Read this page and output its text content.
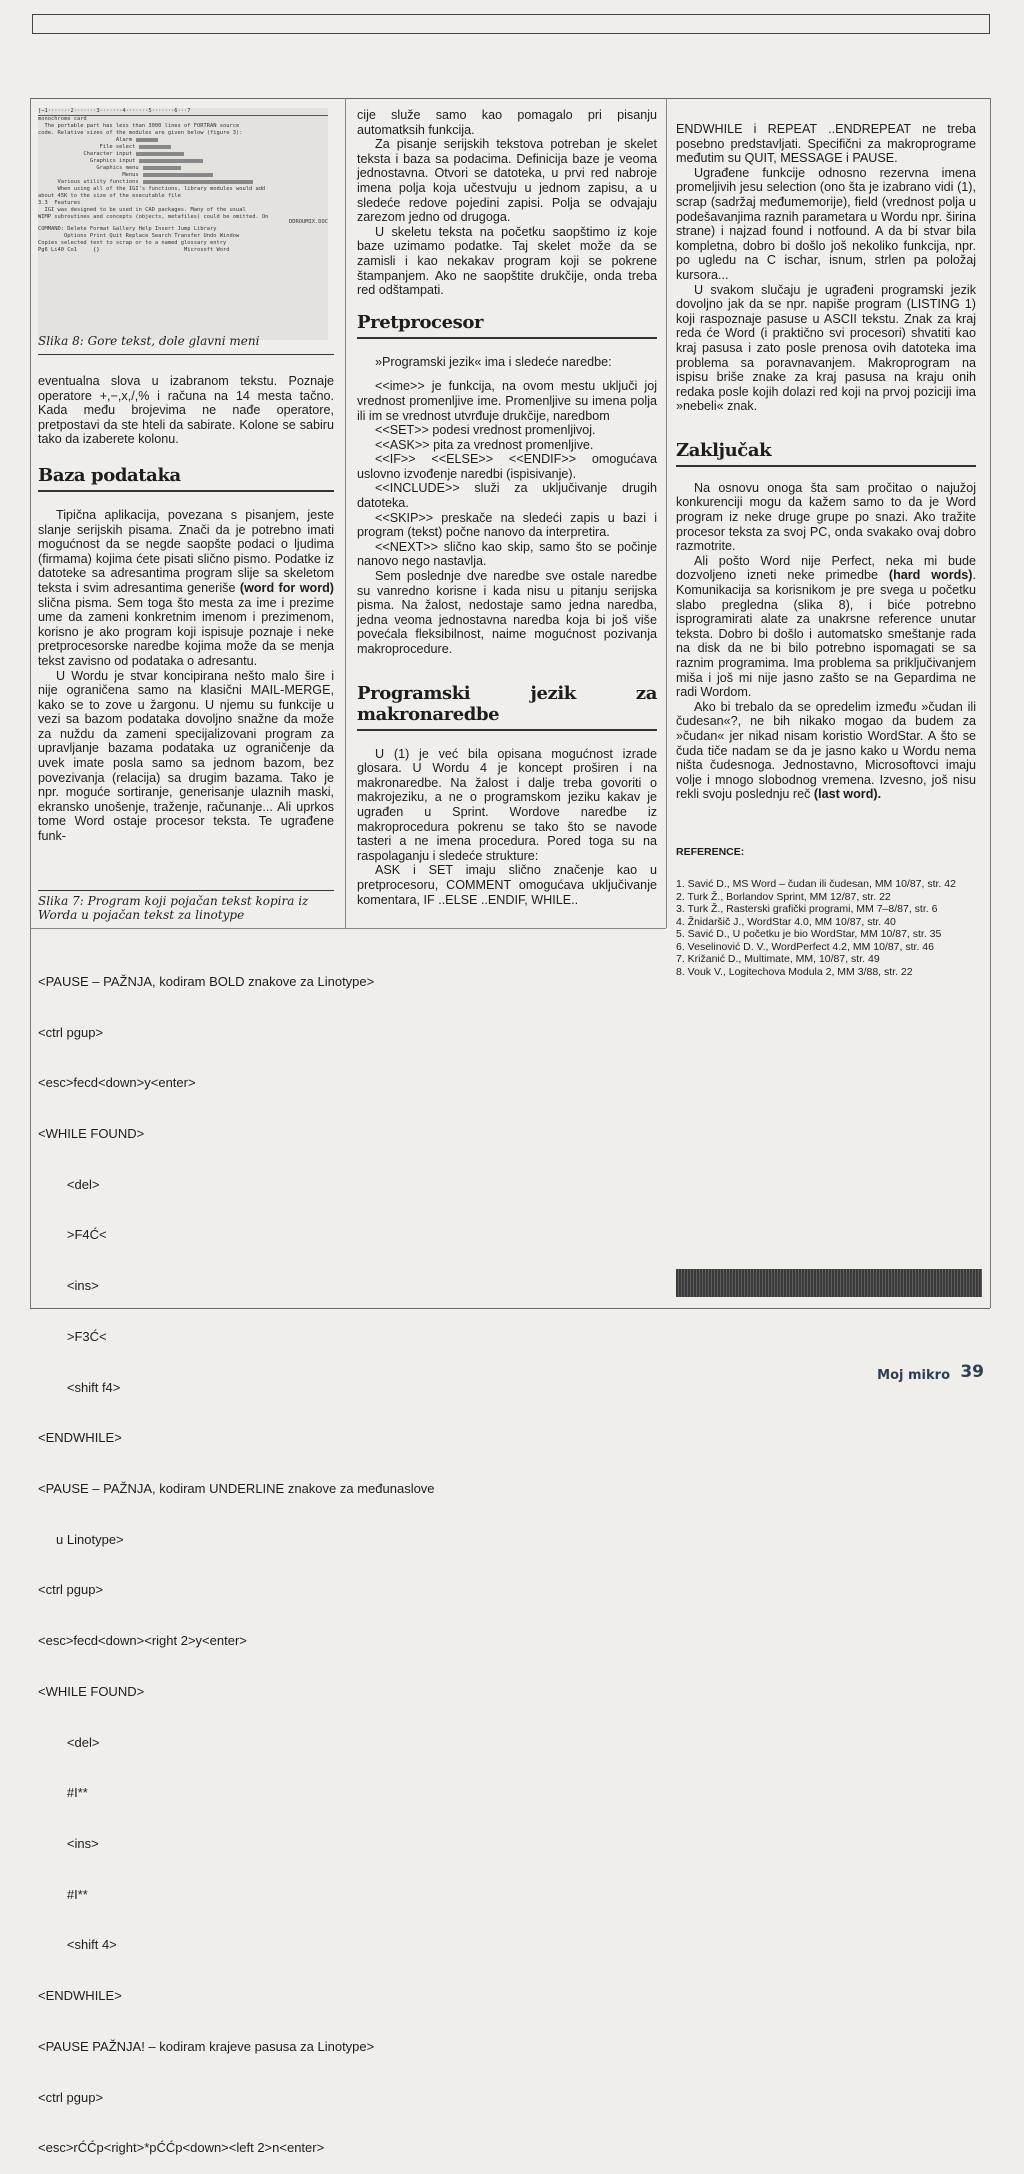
[─1·······2·······3·······4·······5·······6···7
monochrome card
The portable part has less than 3000 lines of FORTRAN source
code. Relative sizes of the modules are given below (figure 3):
Alarm
File select
Character input
Graphics input
Graphics menu
Menus
Various utility functions
When using all of the IGI's functions, library modules would add
about 45K to the size of the executable file
3.3  Features
IGI was designed to be used in CAD packages. Many of the usual
WIMP subroutines and concepts (objects, metafiles) could be omitted. On
DDROUMIX.DOC
COMMAND: Delete Format Gallery Help Insert Jump Library
Options Print Quit Replace Search Transfer Undo Window
Copies selected text to scrap or to a named glossary entry
Pg6 Li40 Co1     {}                          Microsoft Word
Slika 8: Gore tekst, dole glavni meni

eventualna slova u izabranom tekstu. Poznaje operatore +,−,x,/,% i računa na 14 mesta tačno. Kada među brojevima ne nađe operatore, pretpostavi da ste hteli da sabirate. Kolone se sabiru tako da izaberete kolonu.

Baza podataka

Tipična aplikacija, povezana s pisanjem, jeste slanje serijskih pisama. Znači da je potrebno imati mogućnost da se negde saopšte podaci o ljudima (firmama) kojima ćete pisati slično pismo. Podatke iz datoteke sa adresantima program slije sa skeletom teksta i svim adresantima generiše (word for word) slična pisma. Sem toga što mesta za ime i prezime ume da zameni konkretnim imenom i prezimenom, korisno je ako program koji ispisuje poznaje i neke pretprocesorske naredbe kojima može da se menja tekst zavisno od podataka o adresantu.

U Wordu je stvar koncipirana nešto malo šire i nije ograničena samo na klasični MAIL-MERGE, kako se to zove u žargonu. U njemu su funkcije u vezi sa bazom podataka dovoljno snažne da može za nuždu da zameni specijalizovani program za upravljanje bazama podataka uz ograničenje da uvek imate posla samo sa jednom bazom, bez povezivanja (relacija) sa drugim bazama. Tako je npr. moguće sortiranje, generisanje ulaznih maski, ekransko unošenje, traženje, računanje... Ali uprkos tome Word ostaje procesor teksta. Te ugrađene funk-

Slika 7: Program koji pojačan tekst kopira iz Worda u pojačan tekst za linotype

cije služe samo kao pomagalo pri pisanju automatksih funkcija.

Za pisanje serijskih tekstova potreban je skelet teksta i baza sa podacima. Definicija baze je veoma jednostavna. Otvori se datoteka, u prvi red nabroje imena polja koja učestvuju u jednom zapisu, a u sledeće redove pojedini zapisi. Polja se odvajaju zarezom jedno od drugoga.

U skeletu teksta na početku saopštimo iz koje baze uzimamo podatke. Taj skelet može da se zamisli i kao nekakav program koji se pokrene štampanjem. Ako ne saopštite drukčije, onda treba red odštampati.

Pretprocesor

»Programski jezik« ima i sledeće naredbe:

<<ime>> je funkcija, na ovom mestu uključi joj vrednost promenljive ime. Promenljive su imena polja ili im se vrednost utvrđuje drukčije, naredbom

<<SET>> podesi vrednost promenljivoj.

<<ASK>> pita za vrednost promenljive.

<<IF>> <<ELSE>> <<ENDIF>> omogućava uslovno izvođenje naredbi (ispisivanje).

<<INCLUDE>> služi za uključivanje drugih datoteka.

<<SKIP>> preskače na sledeći zapis u bazi i program (tekst) počne nanovo da interpretira.

<<NEXT>> slično kao skip, samo što se počinje nanovo nego nastavlja.

Sem poslednje dve naredbe sve ostale naredbe su vanredno korisne i kada nisu u pitanju serijska pisma. Na žalost, nedostaje samo jedna naredba, jedna veoma jednostavna naredba koja bi još više povećala fleksibilnost, naime mogućnost pozivanja makroprocedure.

Programski jezik za makronaredbe

U (1) je već bila opisana mogućnost izrade glosara. U Wordu 4 je koncept proširen i na makronaredbe. Na žalost i dalje treba govoriti o makrojeziku, a ne o programskom jeziku kakav je ugrađen u Sprint. Wordove naredbe iz makroprocedura pokrenu se tako što se navode tasteri a ne imena procedura. Pored toga su na raspolaganju i sledeće strukture:

ASK i SET imaju slično značenje kao u pretprocesoru, COMMENT omogućava uključivanje komentara, IF ..ELSE ..ENDIF, WHILE..

ENDWHILE i REPEAT ..ENDREPEAT ne treba posebno predstavljati. Specifični za makroprograme međutim su QUIT, MESSAGE i PAUSE.

Ugrađene funkcije odnosno rezervna imena promeljivih jesu selection (ono šta je izabrano vidi (1), scrap (sadržaj međumemorije), field (vrednost polja u podešavanjima raznih parametara u Wordu npr. širina strane) i najzad found i notfound. A da bi stvar bila kompletna, dobro bi došlo još nekoliko funkcija, npr. po ugledu na C ischar, isnum, strlen pa položaj kursora...

U svakom slučaju je ugrađeni programski jezik dovoljno jak da se npr. napiše program (LISTING 1) koji raspoznaje pasuse u ASCII tekstu. Znak za kraj reda će Word (i praktično svi procesori) shvatiti kao kraj pasusa i zato posle prenosa ovih datoteka ima problema sa poravnavanjem. Makroprogram na ispisu briše znake za kraj pasusa na kraju onih redaka posle kojih dolazi red koji na prvoj poziciji ima »nebeli« znak.

Zaključak

Na osnovu onoga šta sam pročitao o najužoj konkurenciji mogu da kažem samo to da je Word program iz neke druge grupe po snazi. Ako tražite procesor teksta za svoj PC, onda svakako ovaj dobro razmotrite.

Ali pošto Word nije Perfect, neka mi bude dozvoljeno izneti neke primedbe (hard words). Komunikacija sa korisnikom je pre svega u početku slabo pregledna (slika 8), i biće potrebno isprogramirati alate za unakrsne reference unutar teksta. Dobro bi došlo i automatsko smeštanje rada na disk da ne bi bilo potrebno ispomagati se sa raznim programima. Ima problema sa priključivanjem miša i još mi nije jasno zašto se na Gepardima ne radi Wordom.

Ako bi trebalo da se opredelim između »čudan ili čudesan«?, ne bih nikako mogao da budem za »čudan« jer nikad nisam koristio WordStar. A što se čuda tiče nadam se da je jasno kako u Wordu nema ništa čudesnoga. Jednostavno, Microsoftovci imaju volje i mnogo slobodnog vremena. Izvesno, još nisu rekli svoju poslednju reč (last word).

REFERENCE:
1. Savić D., MS Word – čudan ili čudesan, MM 10/87, str. 42
2. Turk Ž., Borlandov Sprint, MM 12/87, str. 22
3. Turk Ž., Rasterski grafički programi, MM 7–8/87, str. 6
4. Žnidaršič J., WordStar 4.0, MM 10/87, str. 40
5. Savić D., U početku je bio WordStar, MM 10/87, str. 35
6. Veselinović D. V., WordPerfect 4.2, MM 10/87, str. 46
7. Križanić D., Multimate, MM, 10/87, str. 49
8. Vouk V., Logitechova Modula 2, MM 3/88, str. 22

<PAUSE – PAŽNJA, kodiram BOLD znakove za Linotype>

<ctrl pgup>

<esc>fecd<down>y<enter>

<WHILE FOUND>

<del>

>F4Ć<

<ins>

>F3Ć<

<shift f4>

<ENDWHILE>

<PAUSE – PAŽNJA, kodiram UNDERLINE znakove za međunaslove

u Linotype>

<ctrl pgup>

<esc>fecd<down><right 2>y<enter>

<WHILE FOUND>

<del>

#I**

<ins>

#I**

<shift 4>

<ENDWHILE>

<PAUSE PAŽNJA! – kodiram krajeve pasusa za Linotype>

<ctrl pgup>

<esc>rĆĆp<right>*pĆĆp<down><left 2>n<enter>

Moj mikro 39
